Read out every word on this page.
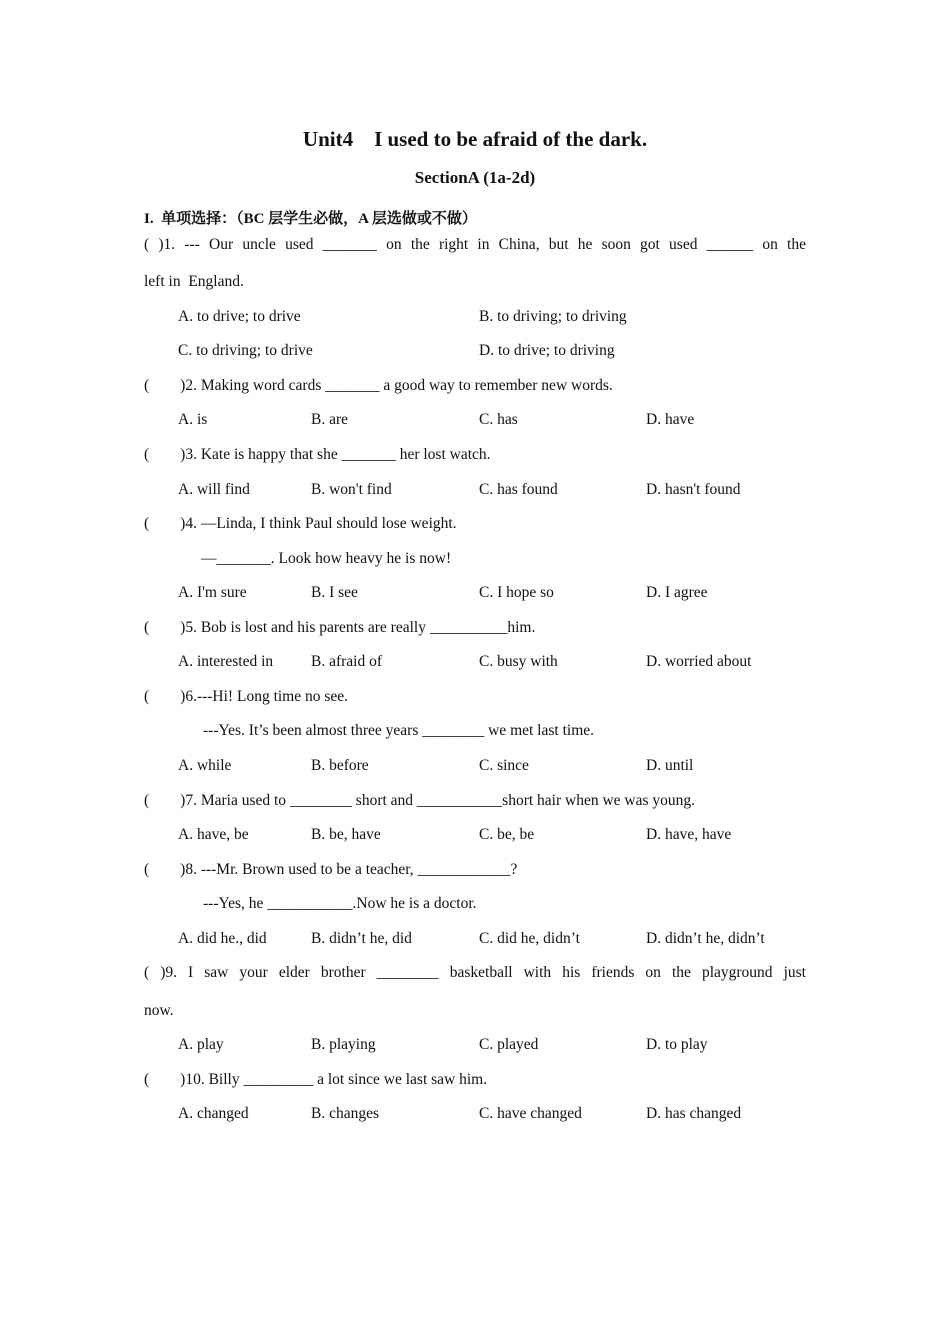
Unit4    I used to be afraid of the dark.
SectionA (1a-2d)
I.  单项选择：（BC 层学生必做，A 层选做或不做）
( )1. --- Our uncle used _______ on the right in China, but he soon got used ______ on the
left in  England.
A. to drive; to drive	B. to driving; to driving
C. to driving; to drive	D. to drive; to driving
(        )2. Making word cards _______ a good way to remember new words.
A. is	B. are	C. has	D. have
(        )3. Kate is happy that she _______ her lost watch.
A. will find	B. won't find	C. has found	D. hasn't found
(        )4. —Linda, I think Paul should lose weight.
—_______. Look how heavy he is now!
A. I'm sure	B. I see	C. I hope so	D. I agree
(        )5. Bob is lost and his parents are really __________him.
A. interested in B. afraid of	C. busy with	D. worried about
(        )6.---Hi! Long time no see.
---Yes. It’s been almost three years ________ we met last time.
A. while	B. before	C. since	D. until
(        )7. Maria used to ________ short and ___________short hair when we was young.
A. have, be	B. be, have	C. be, be	D. have, have
(        )8. ---Mr. Brown used to be a teacher, ____________?
---Yes, he ___________.Now he is a doctor.
A. did he., did	B. didn’t he, did	C. did he, didn’t	D. didn’t he, didn’t
( )9. I saw your elder brother ________ basketball with his friends on the playground just
now.
A. play	B. playing	C. played	D. to play
(        )10. Billy _________ a lot since we last saw him.
A. changed	B. changes	C. have changed	D. has changed
